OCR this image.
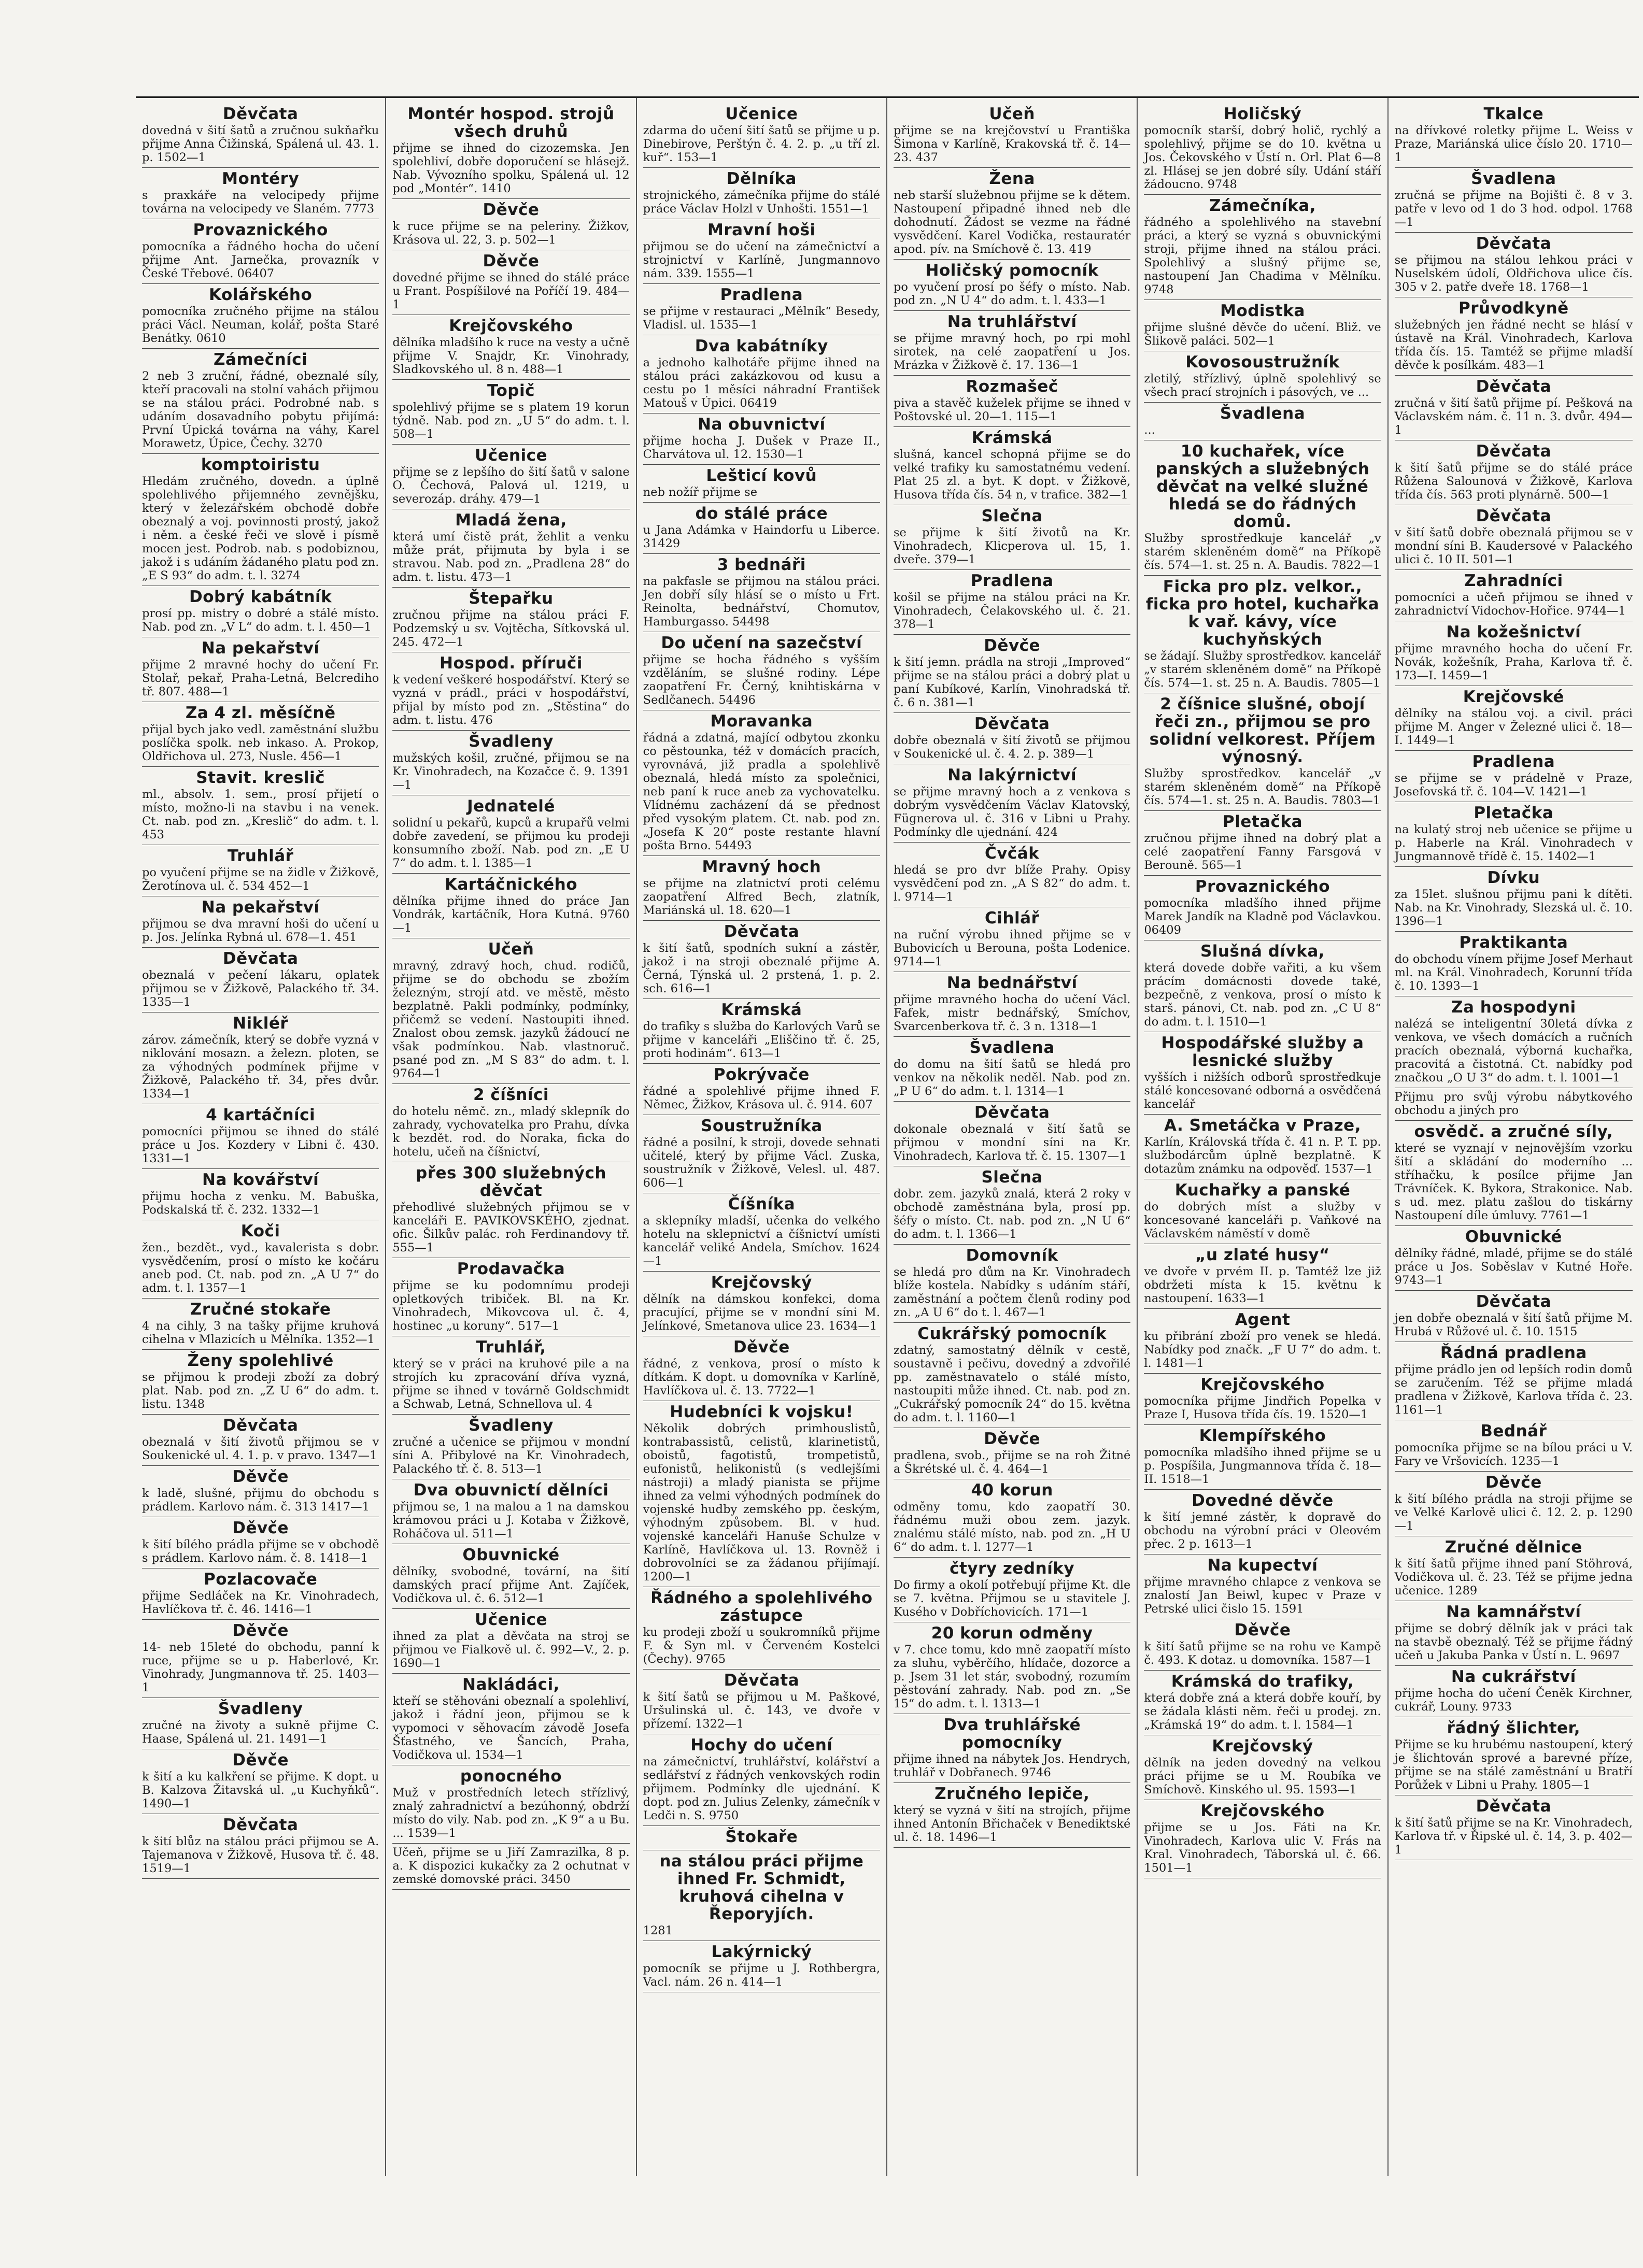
Děvčata

dovedná v šití šatů a zručnou sukňařku přijme Anna Čižinská, Spálená ul. 43. 1. p. 1502—1

Montéry

s praxkáře na velocipedy přijme továrna na velocipedy ve Slaném. 7773

Provaznického

pomocníka a řádného hocha do učení přijme Ant. Jarnečka, provazník v České Třebové. 06407

Kolářského

pomocníka zručného přijme na stálou práci Václ. Neuman, kolář, pošta Staré Benátky. 0610

Zámečníci

2 neb 3 zruční, řádné, obeznalé síly, kteří pracovali na stolní vahách přijmou se na stálou práci. Podrobné nab. s udáním dosavadního pobytu přijímá: První Úpická továrna na váhy, Karel Morawetz, Úpice, Čechy. 3270

komptoiristu

Hledám zručného, dovedn. a úplně spolehlivého přijemného zevnějšku, který v železářském obchodě dobře obeznalý a voj. povinnosti prostý, jakož i něm. a české řeči ve slově i písmě mocen jest. Podrob. nab. s podobiznou, jakož i s udáním žádaného platu pod zn. „E S 93“ do adm. t. l. 3274

Dobrý kabátník

prosí pp. mistry o dobré a stálé místo. Nab. pod zn. „V L“ do adm. t. l. 450—1

Na pekařství

přijme 2 mravné hochy do učení Fr. Stolař, pekař, Praha-Letná, Belcrediho tř. 807. 488—1

Za 4 zl. měsíčně

přijal bych jako vedl. zaměstnání službu poslíčka spolk. neb inkaso. A. Prokop, Oldřichova ul. 273, Nusle. 456—1

Stavit. kreslič

ml., absolv. 1. sem., prosí přijetí o místo, možno-li na stavbu i na venek. Ct. nab. pod zn. „Kreslič“ do adm. t. l. 453

Truhlář

po vyučení přijme se na židle v Žižkově, Žerotínova ul. č. 534 452—1

Na pekařství

přijmou se dva mravní hoši do učení u p. Jos. Jelínka Rybná ul. 678—1. 451

Děvčata

obeznalá v pečení lákaru, oplatek přijmou se v Žižkově, Palackého tř. 34. 1335—1

Nikléř

zárov. zámečník, který se dobře vyzná v niklování mosazn. a železn. ploten, se za výhodných podmínek přijme v Žižkově, Palackého tř. 34, přes dvůr. 1334—1

4 kartáčníci

pomocníci přijmou se ihned do stálé práce u Jos. Kozdery v Libni č. 430. 1331—1

Na kovářství

přijmu hocha z venku. M. Babuška, Podskalská tř. č. 232. 1332—1

Koči

žen., bezdět., vyd., kavalerista s dobr. vysvědčením, prosí o místo ke kočáru aneb pod. Ct. nab. pod zn. „A U 7“ do adm. t. l. 1357—1

Zručné stokaře

4 na cihly, 3 na tašky přijme kruhová cihelna v Mlazicích u Mělníka. 1352—1

Ženy spolehlivé

se přijmou k prodeji zboží za dobrý plat. Nab. pod zn. „Z U 6“ do adm. t. listu. 1348

Děvčata

obeznalá v šití životů přijmou se v Soukenické ul. 4. 1. p. v pravo. 1347—1

Děvče

k ladě, slušné, přijmu do obchodu s prádlem. Karlovo nám. č. 313 1417—1

Děvče

k šití bílého prádla přijme se v obchodě s prádlem. Karlovo nám. č. 8. 1418—1

Pozlacovače

přijme Sedláček na Kr. Vinohradech, Havlíčkova tř. č. 46. 1416—1

Děvče

14- neb 15leté do obchodu, panní k ruce, přijme se u p. Haberlové, Kr. Vinohrady, Jungmannova tř. 25. 1403—1

Švadleny

zručné na životy a sukně přijme C. Haase, Spálená ul. 21. 1491—1

Děvče

k šití a ku kalkření se přijme. K dopt. u B. Kalzova Žitavská ul. „u Kuchyňků“. 1490—1

Děvčata

k šití blůz na stálou práci přijmou se A. Tajemanova v Žižkově, Husova tř. č. 48. 1519—1

Montér hospod. strojů všech druhů

přijme se ihned do cizozemska. Jen spolehliví, dobře doporučení se hlásejž. Nab. Vývozního spolku, Spálená ul. 12 pod „Montér“. 1410

Děvče

k ruce přijme se na peleriny. Žižkov, Krásova ul. 22, 3. p. 502—1

Děvče

dovedné přijme se ihned do stálé práce u Frant. Pospíšilové na Poříčí 19. 484—1

Krejčovského

dělníka mladšího k ruce na vesty a učně přijme V. Snajdr, Kr. Vinohrady, Sladkovského ul. 8 n. 488—1

Topič

spolehlivý přijme se s platem 19 korun týdně. Nab. pod zn. „U 5“ do adm. t. l. 508—1

Učenice

přijme se z lepšího do šití šatů v salone O. Čechová, Palová ul. 1219, u severozáp. dráhy. 479—1

Mladá žena,

která umí čistě prát, žehlit a venku může prát, přijmuta by byla i se stravou. Nab. pod zn. „Pradlena 28“ do adm. t. listu. 473—1

Štepařku

zručnou přijme na stálou práci F. Podzemský u sv. Vojtěcha, Sítkovská ul. 245. 472—1

Hospod. příruči

k vedení veškeré hospodářství. Který se vyzná v prádl., práci v hospodářství, přijal by místo pod zn. „Stěstina“ do adm. t. listu. 476

Švadleny

mužských košil, zručné, přijmou se na Kr. Vinohradech, na Kozačce č. 9. 1391—1

Jednatelé

solidní u pekařů, kupců a krupařů velmi dobře zavedení, se přijmou ku prodeji konsumního zboží. Nab. pod zn. „E U 7“ do adm. t. l. 1385—1

Kartáčnického

dělníka přijme ihned do práce Jan Vondrák, kartáčník, Hora Kutná. 9760—1

Učeň

mravný, zdravý hoch, chud. rodičů, přijme se do obchodu se zbožím železným, strojí atd. ve městě, město bezplatně. Pakli podmínky, podmínky, přičemž se vedení. Nastoupiti ihned. Znalost obou zemsk. jazyků žádoucí ne však podmínkou. Nab. vlastnoruč. psané pod zn. „M S 83“ do adm. t. l. 9764—1

2 číšníci

do hotelu němč. zn., mladý sklepník do zahrady, vychovatelka pro Prahu, dívka k bezdět. rod. do Noraka, ficka do hotelu, učeň na číšnictví,

přes 300 služebných děvčat

přehodlivé služebných přijmou se v kanceláři E. PAVIKOVSKÉHO, zjednat. ofic. Šilkův palác. roh Ferdinandovy tř. 555—1

Prodavačka

přijme se ku podomnímu prodeji opletkových tribiček. Bl. na Kr. Vinohradech, Mikovcova ul. č. 4, hostinec „u koruny“. 517—1

Truhlář,

který se v práci na kruhové pile a na strojích ku zpracování dříva vyzná, přijme se ihned v továrně Goldschmidt a Schwab, Letná, Schnellova ul. 4

Švadleny

zručné a učenice se přijmou v mondní síni A. Přibylové na Kr. Vinohradech, Palackého tř. č. 8. 513—1

Dva obuvnictí dělníci

přijmou se, 1 na malou a 1 na damskou krámovou práci u J. Kotaba v Žižkově, Roháčova ul. 511—1

Obuvnické

dělníky, svobodné, tovární, na šití damských prací přijme Ant. Zajíček, Vodičkova ul. č. 6. 512—1

Učenice

ihned za plat a děvčata na stroj se přijmou ve Fialkově ul. č. 992—V., 2. p. 1690—1

Nakládáci,

kteří se stěhováni obeznalí a spolehliví, jakož i řádní jeon, přijmou se k vypomoci v sěhovacím závodě Josefa Šťastného, ve Šancích, Praha, Vodičkova ul. 1534—1

ponocného

Muž v prostředních letech střízlivý, znalý zahradnictví a bezúhonný, obdrží místo do vily. Nab. pod zn. „K 9“ a u Bu. ... 1539—1

Učeň, přijme se u Jiří Zamrazilka, 8 p. a. K dispozici kukačky za 2 ochutnat v zemské domovské práci. 3450

Učenice

zdarma do učení šití šatů se přijme u p. Dinebirove, Perštýn č. 4. 2. p. „u tří zl. kuř“. 153—1

Dělníka

strojnického, zámečníka přijme do stálé práce Václav Holzl v Unhošti. 1551—1

Mravní hoši

přijmou se do učení na zámečnictví a strojnictví v Karlíně, Jungmannovo nám. 339. 1555—1

Pradlena

se přijme v restauraci „Mělník“ Besedy, Vladisl. ul. 1535—1

Dva kabátníky

a jednoho kalhotáře přijme ihned na stálou práci zakázkovou od kusu a cestu po 1 měsíci náhradní František Matouš v Úpici. 06419

Na obuvnictví

přijme hocha J. Dušek v Praze II., Charvátova ul. 12. 1530—1

Lešticí kovů

neb nožíř přijme se

do stálé práce

u Jana Adámka v Haindorfu u Liberce. 31429

3 bednáři

na pakfasle se přijmou na stálou práci. Jen dobří síly hlásí se o místo u Frt. Reinolta, bednářství, Chomutov, Hamburgasso. 54498

Do učení na sazečství

přijme se hocha řádného s vyšším vzděláním, se slušné rodiny. Lépe zaopatření Fr. Černý, knihtiskárna v Sedlčanech. 54496

Moravanka

řádná a zdatná, mající odbytou zkonku co pěstounka, též v domácích pracích, vyrovnává, již pradla a spolehlivě obeznalá, hledá místo za společnici, neb paní k ruce aneb za vychovatelku. Vlídnému zacházení dá se přednost před vysokým platem. Ct. nab. pod zn. „Josefa K 20“ poste restante hlavní pošta Brno. 54493

Mravný hoch

se přijme na zlatnictví proti celému zaopatření Alfred Bech, zlatník, Mariánská ul. 18. 620—1

Děvčata

k šití šatů, spodních sukní a zástěr, jakož i na stroji obeznalé přijme A. Černá, Týnská ul. 2 prstená, 1. p. 2. sch. 616—1

Krámská

do trafiky s služba do Karlových Varů se přijme v kanceláři „Eliščino tř. č. 25, proti hodinám“. 613—1

Pokrývače

řádné a spolehlivé přijme ihned F. Němec, Žižkov, Krásova ul. č. 914. 607

Soustružníka

řádné a posilní, k stroji, dovede sehnati učitelé, který by přijme Václ. Zuska, soustružník v Žižkově, Velesl. ul. 487. 606—1

Číšníka

a sklepníky mladší, učenka do velkého hotelu na sklepnictví a číšnictví umísti kancelář veliké Andela, Smíchov. 1624—1

Krejčovský

dělník na dámskou konfekci, doma pracující, přijme se v mondní síni M. Jelínkové, Smetanova ulice 23. 1634—1

Děvče

řádné, z venkova, prosí o místo k dítkám. K dopt. u domovníka v Karlíně, Havlíčkova ul. č. 13. 7722—1

Hudebníci k vojsku!

Několik dobrých primhouslistů, kontrabassistů, celistů, klarinetistů, oboistů, fagotistů, trompetistů, eufonistů, helikonistů (s vedlejšími nástroji) a mladý pianista se přijme ihned za velmi výhodných podmínek do vojenské hudby zemského pp. českým, výhodným způsobem. Bl. v hud. vojenské kanceláři Hanuše Schulze v Karlíně, Havlíčkova ul. 13. Rovněž i dobrovolníci se za žádanou přijímají. 1200—1

Řádného a spolehlivého zástupce

ku prodeji zboží u soukromníků přijme F. & Syn ml. v Červeném Kostelci (Čechy). 9765

Děvčata

k šití šatů se přijmou u M. Paškové, Uršulinská ul. č. 143, ve dvoře v přízemí. 1322—1

Hochy do učení

na zámečnictví, truhlářství, kolářství a sedlářství z řádných venkovských rodin přijmem. Podmínky dle ujednání. K dopt. pod zn. Julius Zelenky, zámečník v Ledči n. S. 9750

Štokaře
na stálou práci přijme ihned Fr. Schmidt, kruhová cihelna v Řeporyjích.

1281

Lakýrnický

pomocník se přijme u J. Rothbergra, Vacl. nám. 26 n. 414—1

Učeň

přijme se na krejčovství u Františka Šimona v Karlíně, Krakovská tř. č. 14—23. 437

Žena

neb starší služebnou přijme se k dětem. Nastoupení připadné ihned neb dle dohodnutí. Žádost se vezme na řádné vysvědčení. Karel Vodička, restauratér apod. pív. na Smíchově č. 13. 419

Holičský pomocník

po vyučení prosí po šéfy o místo. Nab. pod zn. „N U 4“ do adm. t. l. 433—1

Na truhlářství

se přijme mravný hoch, po rpi mohl sirotek, na celé zaopatření u Jos. Mrázka v Žižkově č. 17. 136—1

Rozmašeč

piva a stavěč kuželek přijme se ihned v Poštovské ul. 20—1. 115—1

Krámská

slušná, kancel schopná přijme se do velké trafiky ku samostatnému vedení. Plat 25 zl. a byt. K dopt. v Žižkově, Husova třída čís. 54 n, v trafice. 382—1

Slečna

se přijme k šití životů na Kr. Vinohradech, Klicperova ul. 15, 1. dveře. 379—1

Pradlena

košil se přijme na stálou práci na Kr. Vinohradech, Čelakovského ul. č. 21. 378—1

Děvče

k šití jemn. prádla na stroji „Improved“ přijme se na stálou práci a dobrý plat u paní Kubíkové, Karlín, Vinohradská tř. č. 6 n. 381—1

Děvčata

dobře obeznalá v šití životů se přijmou v Soukenické ul. č. 4. 2. p. 389—1

Na lakýrnictví

se přijme mravný hoch a z venkova s dobrým vysvědčením Václav Klatovský, Fügnerova ul. č. 316 v Libni u Prahy. Podmínky dle ujednání. 424

Čvčák

hledá se pro dvr blíže Prahy. Opisy vysvědčení pod zn. „A S 82“ do adm. t. l. 9714—1

Cihlář

na ruční výrobu ihned přijme se v Bubovicích u Berouna, pošta Lodenice. 9714—1

Na bednářství

přijme mravného hocha do učení Václ. Fafek, mistr bednářský, Smíchov, Svarcenberkova tř. č. 3 n. 1318—1

Švadlena

do domu na šití šatů se hledá pro venkov na několik neděl. Nab. pod zn. „P U 6“ do adm. t. l. 1314—1

Děvčata

dokonale obeznalá v šití šatů se přijmou v mondní síni na Kr. Vinohradech, Karlova tř. č. 15. 1307—1

Slečna

dobr. zem. jazyků znalá, která 2 roky v obchodě zaměstnána byla, prosí pp. šéfy o místo. Ct. nab. pod zn. „N U 6“ do adm. t. l. 1366—1

Domovník

se hledá pro dům na Kr. Vinohradech blíže kostela. Nabídky s udáním stáří, zaměstnání a počtem členů rodiny pod zn. „A U 6“ do t. l. 467—1

Cukrářský pomocník

zdatný, samostatný dělník v cestě, soustavně i pečivu, dovedný a zdvořilé pp. zaměstnavatelo o stálé místo, nastoupiti může ihned. Ct. nab. pod zn. „Cukrářský pomocník 24“ do 15. května do adm. t. l. 1160—1

Děvče

pradlena, svob., přijme se na roh Žitné a Škrétské ul. č. 4. 464—1

40 korun

odměny tomu, kdo zaopatří 30. řádnému muži obou zem. jazyk. znalému stálé místo, nab. pod zn. „H U 6“ do adm. t. l. 1277—1

čtyry zedníky

Do firmy a okolí potřebují přijme Kt. dle se 7. května. Přijmou se u stavitele J. Kusého v Dobříchovicích. 171—1

20 korun odměny

v 7. chce tomu, kdo mně zaopatří místo za sluhu, vyběrčího, hlídače, dozorce a p. Jsem 31 let stár, svobodný, rozumím pěstování zahrady. Nab. pod zn. „Se 15“ do adm. t. l. 1313—1

Dva truhlářské pomocníky

přijme ihned na nábytek Jos. Hendrych, truhlář v Dobřanech. 9746

Zručného lepiče,

který se vyzná v šití na strojích, přijme ihned Antonín Břichaček v Benediktské ul. č. 18. 1496—1

Holičský

pomocník starší, dobrý holič, rychlý a spolehlivý, přijme se do 10. května u Jos. Čekovského v Ústí n. Orl. Plat 6—8 zl. Hlásej se jen dobré síly. Udání stáří žádoucno. 9748

Zámečníka,

řádného a spolehlivého na stavební práci, a který se vyzná s obuvnickými stroji, přijme ihned na stálou práci. Spolehlivý a slušný přijme se, nastoupení Jan Chadima v Mělníku. 9748

Modistka

přijme slušné děvče do učení. Bliž. ve Šlikově paláci. 502—1

Kovosoustružník

zletilý, střízlivý, úplně spolehlivý se všech prací strojních i pásových, ve ...

Švadlena

...

10 kuchařek, více panských a služebných děvčat na velké služné hledá se do řádných domů.

Služby sprostředkuje kancelář „v starém skleněném domě“ na Příkopě čís. 574—1. st. 25 n. A. Baudis. 7822—1

Ficka pro plz. velkor., ficka pro hotel, kuchařka k vař. kávy, více kuchyňských

se žádají. Služby sprostředkov. kancelář „v starém skleněném domě“ na Příkopě čís. 574—1. st. 25 n. A. Baudis. 7805—1

2 číšnice slušné, obojí řeči zn., přijmou se pro solidní velkorest. Příjem výnosný.

Služby sprostředkov. kancelář „v starém skleněném domě“ na Příkopě čís. 574—1. st. 25 n. A. Baudis. 7803—1

Pletačka

zručnou přijme ihned na dobrý plat a celé zaopatření Fanny Farsgová v Berouně. 565—1

Provaznického

pomocníka mladšího ihned přijme Marek Jandík na Kladně pod Václavkou. 06409

Slušná dívka,

která dovede dobře vařiti, a ku všem prácím domácnosti dovede také, bezpečně, z venkova, prosí o místo k starš. pánovi, Ct. nab. pod zn. „C U 8“ do adm. t. l. 1510—1

Hospodářské služby a lesnické služby

vyšších i nižších odborů sprostředkuje stálé koncesované odborná a osvědčená kancelář

A. Smetáčka v Praze,

Karlín, Královská třída č. 41 n. P. T. pp. službodárcům úplně bezplatně. K dotazům známku na odpověď. 1537—1

Kuchařky a panské

do dobrých míst a služby v koncesované kanceláři p. Vaňkové na Václavském náměstí v domě

„u zlaté husy“

ve dvoře v prvém II. p. Tamtéž lze již obdržeti místa k 15. květnu k nastoupení. 1633—1

Agent

ku přibrání zboží pro venek se hledá. Nabídky pod značk. „F U 7“ do adm. t. l. 1481—1

Krejčovského

pomocníka přijme Jindřich Popelka v Praze I, Husova třída čís. 19. 1520—1

Klempířského

pomocníka mladšího ihned přijme se u p. Pospíšila, Jungmannova třída č. 18—II. 1518—1

Dovedné děvče

k šití jemné zástěr, k dopravě do obchodu na výrobní práci v Oleovém přec. 2 p. 1613—1

Na kupectví

přijme mravného chlapce z venkova se znalostí Jan Beiwl, kupec v Praze v Petrské ulici čislo 15. 1591

Děvče

k šití šatů přijme se na rohu ve Kampě č. 493. K dotaz. u domovníka. 1587—1

Krámská do trafiky,

která dobře zná a která dobře kouří, by se žádala klásti něm. řeči u prodej. zn. „Krámská 19“ do adm. t. l. 1584—1

Krejčovský

dělník na jeden dovedný na velkou práci přijme se u M. Roubíka ve Smíchově. Kinského ul. 95. 1593—1

Krejčovského

přijme se u Jos. Fáti na Kr. Vinohradech, Karlova ulic V. Frás na Kral. Vinohradech, Táborská ul. č. 66. 1501—1

Tkalce

na dřívkové roletky přijme L. Weiss v Praze, Mariánská ulice číslo 20. 1710—1

Švadlena

zručná se přijme na Bojišti č. 8 v 3. patře v levo od 1 do 3 hod. odpol. 1768—1

Děvčata

se přijmou na stálou lehkou práci v Nuselském údolí, Oldřichova ulice čís. 305 v 2. patře dveře 18. 1768—1

Průvodkyně

služebných jen řádné necht se hlásí v ústavě na Král. Vinohradech, Karlova třída čís. 15. Tamtéž se přijme mladší děvče k posílkám. 483—1

Děvčata

zručná v šití šatů přijme pí. Pešková na Václavském nám. č. 11 n. 3. dvůr. 494—1

Děvčata

k šití šatů přijme se do stálé práce Růžena Salounová v Žižkově, Karlova třída čís. 563 proti plynárně. 500—1

Děvčata

v šití šatů dobře obeznalá přijmou se v mondní síni B. Kaudersové v Palackého ulici č. 10 II. 501—1

Zahradníci

pomocníci a učeň přijmou se ihned v zahradnictví Vidochov-Hořice. 9744—1

Na kožešnictví

přijme mravného hocha do učení Fr. Novák, kožešník, Praha, Karlova tř. č. 173—I. 1459—1

Krejčovské

dělníky na stálou voj. a civil. práci přijme M. Anger v Železné ulici č. 18—I. 1449—1

Pradlena

se přijme se v prádelně v Praze, Josefovská tř. č. 104—V. 1421—1

Pletačka

na kulatý stroj neb učenice se přijme u p. Haberle na Král. Vinohradech v Jungmannově třídě č. 15. 1402—1

Dívku

za 15let. slušnou přijmu pani k dítěti. Nab. na Kr. Vinohrady, Slezská ul. č. 10. 1396—1

Praktikanta

do obchodu vínem přijme Josef Merhaut ml. na Král. Vinohradech, Korunní třída č. 10. 1393—1

Za hospodyni

nalézá se inteligentní 30letá dívka z venkova, ve všech domácích a ručních pracích obeznalá, výborná kuchařka, pracovitá a čistotná. Ct. nabídky pod značkou „O U 3“ do adm. t. l. 1001—1

Přijmu pro svůj výrobu nábytkového obchodu a jiných pro

osvědč. a zručné síly,

které se vyznají v nejnovějším vzorku šití a skládání do moderního ... stříhačku, k posílce přijme Jan Trávníček. K. Bykora, Strakonice. Nab. s ud. mez. platu zašlou do tiskárny Nastoupení díle úmluvy. 7761—1

Obuvnické

dělníky řádné, mladé, přijme se do stálé práce u Jos. Soběslav v Kutné Hoře. 9743—1

Děvčata

jen dobře obeznalá v šití šatů přijme M. Hrubá v Růžové ul. č. 10. 1515

Řádná pradlena

přijme prádlo jen od lepších rodin domů se zaručením. Též se přijme mladá pradlena v Žižkově, Karlova třída č. 23. 1161—1

Bednář

pomocníka přijme se na bílou práci u V. Fary ve Vršovicích. 1235—1

Děvče

k šití bílého prádla na stroji přijme se ve Velké Karlově ulici č. 12. 2. p. 1290—1

Zručné dělnice

k šití šatů přijme ihned paní Stöhrová, Vodičkova ul. č. 23. Též se přijme jedna učenice. 1289

Na kamnářství

přijme se dobrý dělník jak v práci tak na stavbě obeznalý. Též se přijme řádný učeň u Jakuba Panka v Ústí n. L. 9697

Na cukrářství

přijme hocha do učení Čeněk Kirchner, cukrář, Louny. 9733

řádný šlichter,

Přijme se ku hrubému nastoupení, který je šlichtován sprové a barevné příze, přijme se na stálé zaměstnání u Bratří Porůžek v Libni u Prahy. 1805—1

Děvčata

k šití šatů přijme se na Kr. Vinohradech, Karlova tř. v Řipské ul. č. 14, 3. p. 402—1
